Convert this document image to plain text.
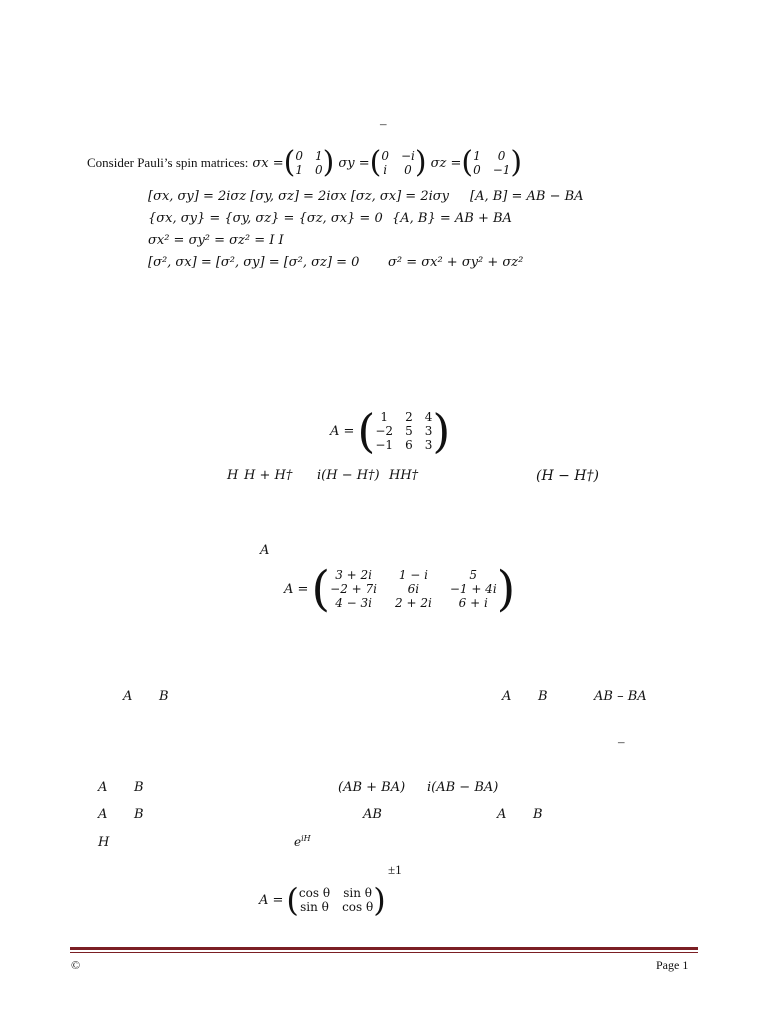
–
Consider Pauli’s spin matrices: σx = ( 0 1
1 0 ) σy = ( 0 −i
i 0 ) σz = ( 1	0
0 −1 )
[σx, σy] = 2iσz [σy, σz] = 2iσx [σz, σx] = 2iσy [A, B] = AB − BA
{σx, σy} = {σy, σz} = {σz, σx} = 0 {A, B} = AB + BA
σx² = σy² = σz² = I I
[σ², σx] = [σ², σy] = [σ², σz] = 0 σ² = σx² + σy² + σz²
A = ( 1	2 4
−2 5 3
−1 6 3 )
H H + H† i(H − H†) HH†	(H − H†)
A
A = ( 3 + 2i	1 − i	5
−2 + 7i	6i	−1 + 4i
4 − 3i	2 + 2i	6 + i )
A B	A B	AB – BA
–
A B	(AB + BA) i(AB − BA)
A B	AB	A B
H	$e^{iH}$
±1
A = ( cos θ sin θ
sin θ cos θ )
©	Page 1
